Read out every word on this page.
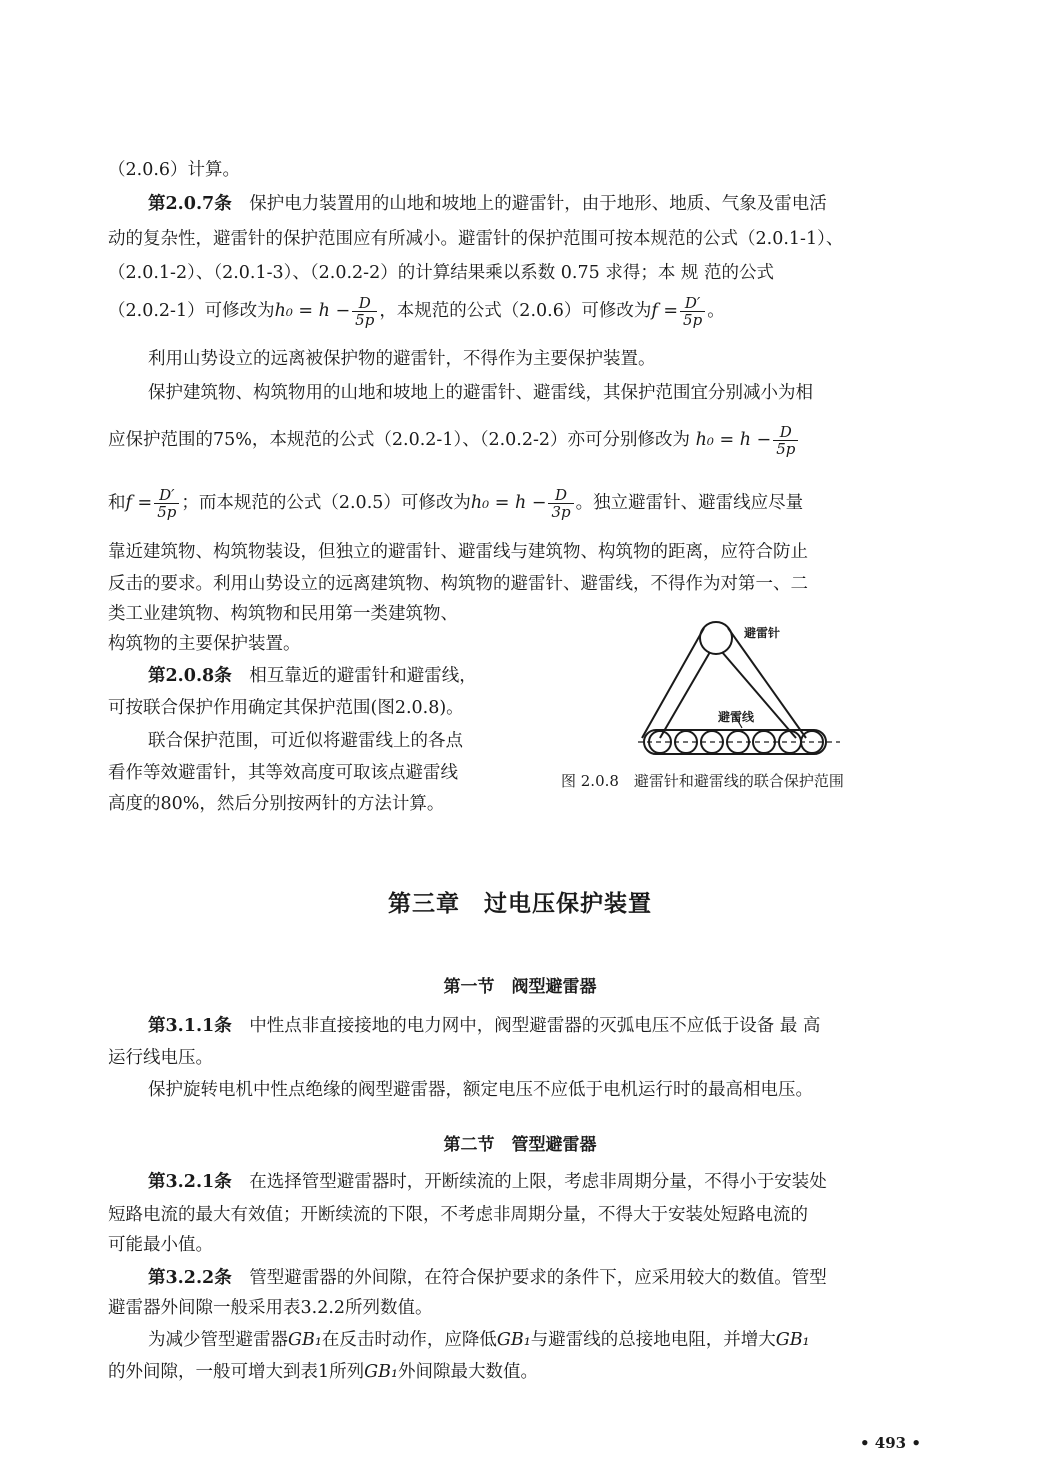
（2.0.6）计算。
第2.0.7条　 保护电力装置用的山地和坡地上的避雷针，由于地形、地质、气象及雷电活
动的复杂性，避雷针的保护范围应有所减小。避雷针的保护范围可按本规范的公式（2.0.1-1）、
（2.0.1-2）、（2.0.1-3）、（2.0.2-2）的计算结果乘以系数 0.75 求得；本 规 范的公式
（2.0.2-1）可修改为$h_0 = h - \frac{D}{5p}$ ，本规范的公式（2.0.6）可修改为$f = \frac{D'}{5p}$ 。
利用山势设立的远离被保护物的避雷针，不得作为主要保护装置。
保护建筑物、构筑物用的山地和坡地上的避雷针、避雷线，其保护范围宜分别减小为相
应保护范围的75%，本规范的公式（2.0.2-1）、（2.0.2-2）亦可分别修改为 $h_0 = h - \frac{D}{5p}$
和$f = \frac{D'}{5p}$ ；而本规范的公式（2.0.5）可修改为$h_0 = h - \frac{D}{3p}$ 。独立避雷针、避雷线应尽量
靠近建筑物、构筑物装设，但独立的避雷针、避雷线与建筑物、构筑物的距离，应符合防止
反击的要求。利用山势设立的远离建筑物、构筑物的避雷针、避雷线，不得作为对第一、二
类工业建筑物、构筑物和民用第一类建筑物、
构筑物的主要保护装置。
第2.0.8条　 相互靠近的避雷针和避雷线，
可按联合保护作用确定其保护范围(图2.0.8)。
联合保护范围，可近似将避雷线上的各点
看作等效避雷针，其等效高度可取该点避雷线
高度的80%，然后分别按两针的方法计算。
避雷针
避雷线
图 2.0.8　避雷针和避雷线的联合保护范围
第三章　过电压保护装置
第一节　阀型避雷器
第3.1.1条　 中性点非直接接地的电力网中，阀型避雷器的灭弧电压不应低于设备 最 高
运行线电压。
保护旋转电机中性点绝缘的阀型避雷器，额定电压不应低于电机运行时的最高相电压。
第二节　管型避雷器
第3.2.1条　 在选择管型避雷器时，开断续流的上限，考虑非周期分量，不得小于安装处
短路电流的最大有效值；开断续流的下限，不考虑非周期分量，不得大于安装处短路电流的
可能最小值。
第3.2.2条　 管型避雷器的外间隙，在符合保护要求的条件下，应采用较大的数值。管型
避雷器外间隙一般采用表3.2.2所列数值。
为减少管型避雷器GB₁在反击时动作，应降低GB₁与避雷线的总接地电阻，并增大GB₁
的外间隙，一般可增大到表1所列GB₁外间隙最大数值。
• 493 •
